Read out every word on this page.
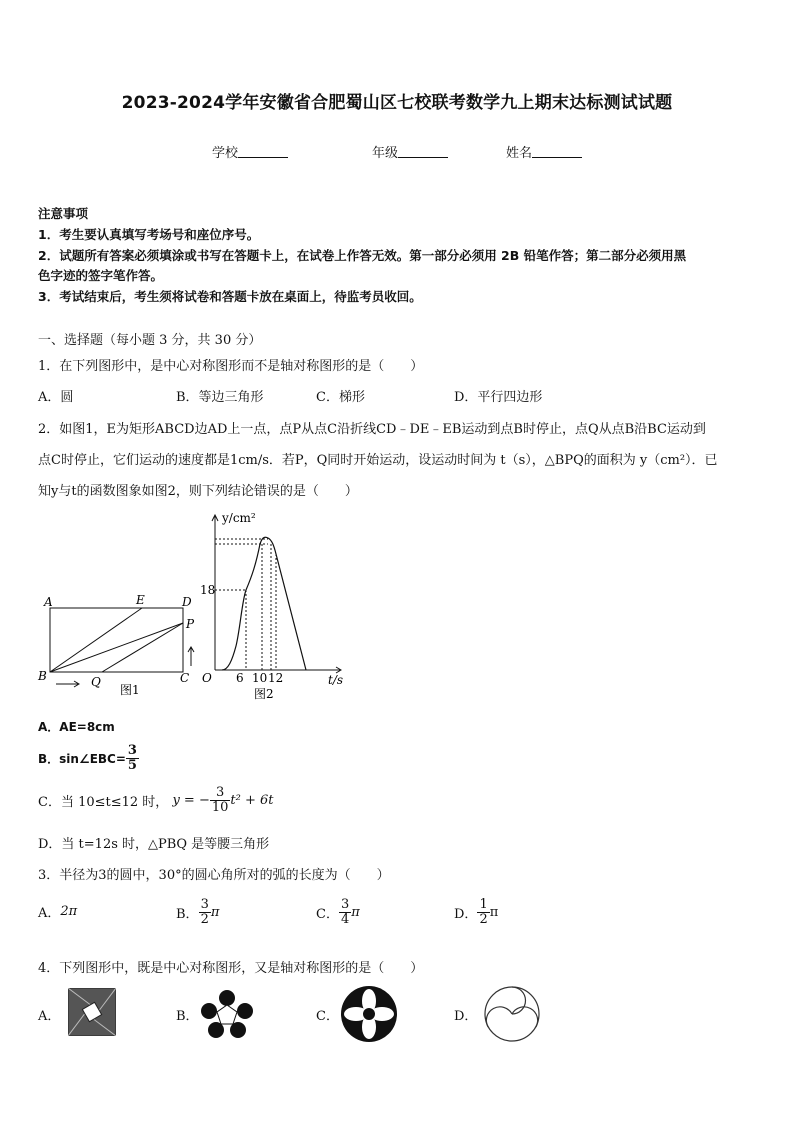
2023-2024学年安徽省合肥蜀山区七校联考数学九上期末达标测试试题
学校	年级	姓名
注意事项
1．考生要认真填写考场号和座位序号。
2．试题所有答案必须填涂或书写在答题卡上，在试卷上作答无效。第一部分必须用 2B 铅笔作答；第二部分必须用黑
色字迹的签字笔作答。
3．考试结束后，考生须将试卷和答题卡放在桌面上，待监考员收回。
一、选择题（每小题 3 分，共 30 分）
1．在下列图形中，是中心对称图形而不是轴对称图形的是（　　）
A．圆	B．等边三角形	C．梯形	D．平行四边形
2．如图1，E为矩形ABCD边AD上一点，点P从点C沿折线CD﹣DE﹣EB运动到点B时停止，点Q从点B沿BC运动到
点C时停止，它们运动的速度都是1cm/s．若P，Q同时开始运动，设运动时间为 t（s），△BPQ的面积为 y（cm²）．已
知y与t的函数图象如图2，则下列结论错误的是（　　）
A	E	D
P
B	Q	C
图1
y/cm²
18
O 6 10 12	t/s
图2
A．AE=8cm
B．sin∠EBC= $\frac{3}{5}$
C．当 10≤t≤12 时， y = − $\frac{3}{10} t^2 + 6t$
D．当 t=12s 时，△PBQ 是等腰三角形
3．半径为3的圆中，30°的圆心角所对的弧的长度为（　　）
A．2π	B． $\frac{3}{2}$ π	C． $\frac{3}{4}$ π	D． $\frac{1}{2}$ π
4．下列图形中，既是中心对称图形，又是轴对称图形的是（　　）
A．	B．	C．	D．
